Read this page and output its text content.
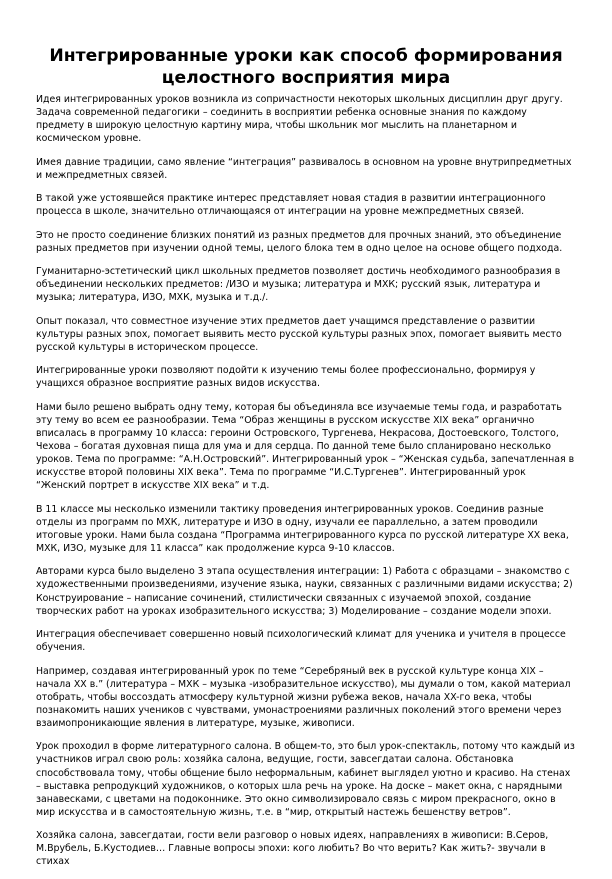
Интегрированные уроки как способ формирования
целостного восприятия мира

Идея интегрированных уроков возникла из сопричастности некоторых школьных дисциплин друг другу. Задача современной педагогики – соединить в восприятии ребенка основные знания по каждому предмету в широкую целостную картину мира, чтобы школьник мог мыслить на планетарном и космическом уровне.

Имея давние традиции, само явление “интеграция” развивалось в основном на уровне внутрипредметных и межпредметных связей.

В такой уже устоявшейся практике интерес представляет новая стадия в развитии интеграционного процесса в школе, значительно отличающаяся от интеграции на уровне межпредметных связей.

Это не просто соединение близких понятий из разных предметов для прочных знаний, это объединение разных предметов при изучении одной темы, целого блока тем в одно целое на основе общего подхода.

Гуманитарно-эстетический цикл школьных предметов позволяет достичь необходимого разнообразия в объединении нескольких предметов: /ИЗО и музыка; литература и МХК; русский язык, литература и музыка; литература, ИЗО, МХК, музыка и т.д./.

Опыт показал, что совместное изучение этих предметов дает учащимся представление о развитии культуры разных эпох, помогает выявить место русской культуры разных эпох, помогает выявить место русской культуры в историческом процессе.

Интегрированные уроки позволяют подойти к изучению темы более профессионально, формируя у учащихся образное восприятие разных видов искусства.

Нами было решено выбрать одну тему, которая бы объединяла все изучаемые темы года, и разработать эту тему во всем ее разнообразии. Тема “Образ женщины в русском искусстве XIX века” органично вписалась в программу 10 класса: героини Островского, Тургенева, Некрасова, Достоевского, Толстого, Чехова – богатая духовная пища для ума и для сердца. По данной теме было спланировано несколько уроков. Тема по программе: “А.Н.Островский”. Интегрированный урок – “Женская судьба, запечатленная в искусстве второй половины XIX века”. Тема по программе “И.С.Тургенев”. Интегрированный урок “Женский портрет в искусстве XIX века” и т.д.

В 11 классе мы несколько изменили тактику проведения интегрированных уроков. Соединив разные отделы из программ по МХК, литературе и ИЗО в одну, изучали ее параллельно, а затем проводили итоговые уроки. Нами была создана “Программа интегрированного курса по русской литературе XX века, МХК, ИЗО, музыке для 11 класса” как продолжение курса 9-10 классов.

Авторами курса было выделено 3 этапа осуществления интеграции: 1) Работа с образцами – знакомство с художественными произведениями, изучение языка, науки, связанных с различными видами искусства; 2) Конструирование – написание сочинений, стилистически связанных с изучаемой эпохой, создание творческих работ на уроках изобразительного искусства; 3) Моделирование – создание модели эпохи.

Интеграция обеспечивает совершенно новый психологический климат для ученика и учителя в процессе обучения.

Например, создавая интегрированный урок по теме “Серебряный век в русской культуре конца XIX – начала XX в.” (литература – МХК – музыка -изобразительное искусство), мы думали о том, какой материал отобрать, чтобы воссоздать атмосферу культурной жизни рубежа веков, начала XX-го века, чтобы познакомить наших учеников с чувствами, умонастроениями различных поколений этого времени через взаимопроникающие явления в литературе, музыке, живописи.

Урок проходил в форме литературного салона. В общем-то, это был урок-спектакль, потому что каждый из участников играл свою роль: хозяйка салона, ведущие, гости, завсегдатаи салона. Обстановка способствовала тому, чтобы общение было неформальным, кабинет выглядел уютно и красиво. На стенах – выставка репродукций художников, о которых шла речь на уроке. На доске – макет окна, с нарядными занавесками, с цветами на подоконнике. Это окно символизировало связь с миром прекрасного, окно в мир искусства и в самостоятельную жизнь, т.е. в “мир, открытый настежь бешенству ветров”.

Хозяйка салона, завсегдатаи, гости вели разговор о новых идеях, направлениях в живописи: В.Серов, М.Врубель, Б.Кустодиев… Главные вопросы эпохи: кого любить? Во что верить? Как жить?- звучали в стихах
